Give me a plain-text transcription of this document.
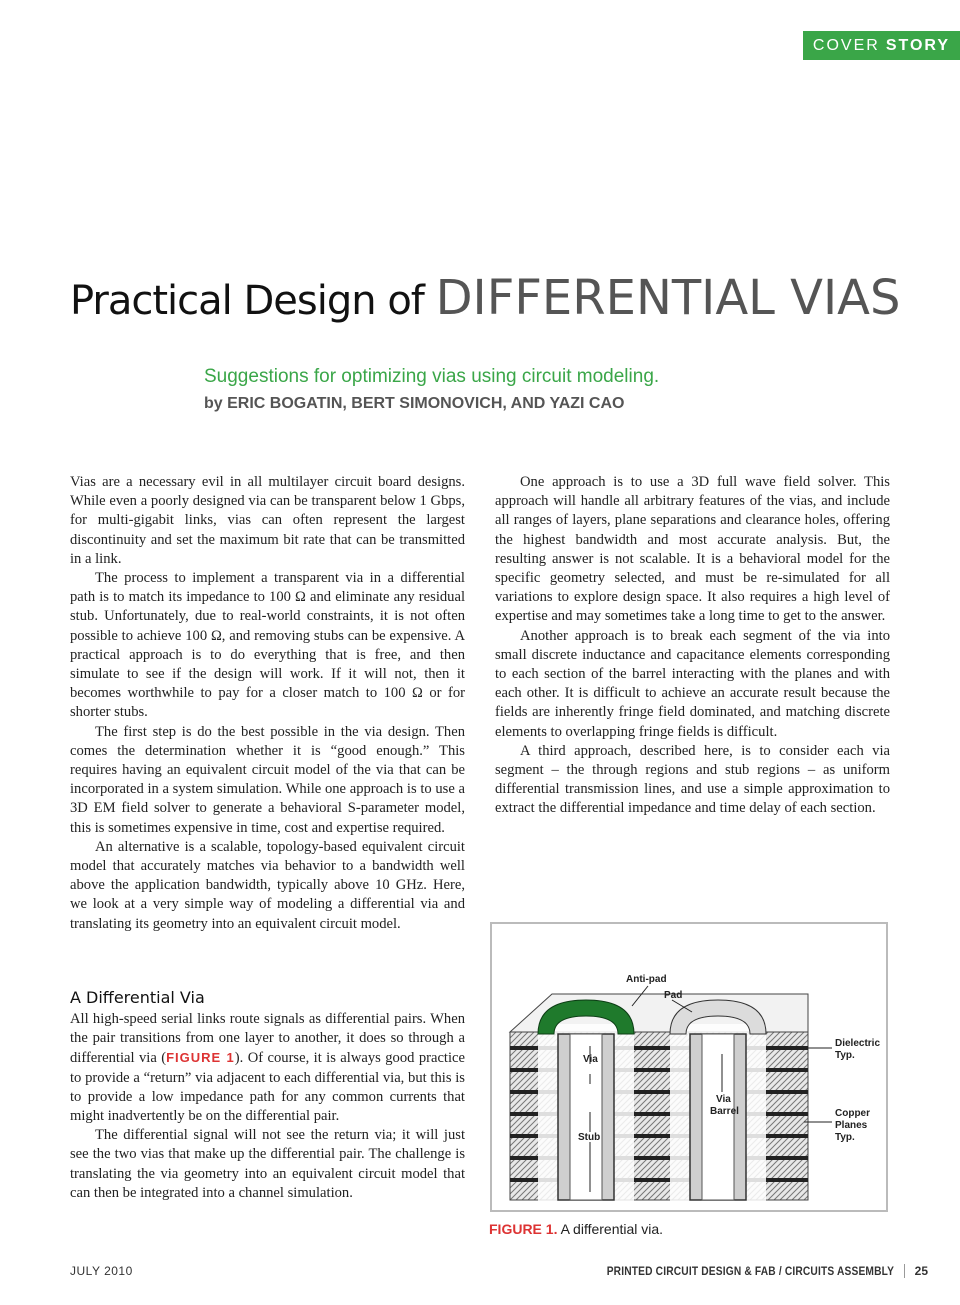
COVER STORY
Practical Design of DIFFERENTIAL VIAS
Suggestions for optimizing vias using circuit modeling.
by ERIC BOGATIN, BERT SIMONOVICH, AND YAZI CAO

Vias are a necessary evil in all multilayer circuit board designs. While even a poorly designed via can be transparent below 1 Gbps, for multi-gigabit links, vias can often represent the largest discontinuity and set the maximum bit rate that can be transmitted in a link.

The process to implement a transparent via in a differential path is to match its impedance to 100 Ω and eliminate any residual stub. Unfortunately, due to real-world constraints, it is not often possible to achieve 100 Ω, and removing stubs can be expensive. A practical approach is to do everything that is free, and then simulate to see if the design will work. If it will not, then it becomes worthwhile to pay for a closer match to 100 Ω or for shorter stubs.

The first step is do the best possible in the via design. Then comes the determination whether it is “good enough.” This requires having an equivalent circuit model of the via that can be incorporated in a system simulation. While one approach is to use a 3D EM field solver to generate a behavioral S-parameter model, this is sometimes expensive in time, cost and expertise required.

An alternative is a scalable, topology-based equivalent circuit model that accurately matches via behavior to a bandwidth well above the application bandwidth, typically above 10 GHz. Here, we look at a very simple way of modeling a differential via and translating its geometry into an equivalent circuit model.

A Differential Via

All high-speed serial links route signals as differential pairs. When the pair transitions from one layer to another, it does so through a differential via (FIGURE 1). Of course, it is always good practice to provide a “return” via adjacent to each differential via, but this is to provide a low impedance path for any common currents that might inadvertently be on the differential pair.

The differential signal will not see the return via; it will just see the two vias that make up the differential pair. The challenge is translating the via geometry into an equivalent circuit model that can then be integrated into a channel simulation.

One approach is to use a 3D full wave field solver. This approach will handle all arbitrary features of the vias, and include all ranges of layers, plane separations and clearance holes, offering the highest bandwidth and most accurate analysis. But, the resulting answer is not scalable. It is a behavioral model for the specific geometry selected, and must be re-simulated for all variations to explore design space. It also requires a high level of expertise and may sometimes take a long time to get to the answer.

Another approach is to break each segment of the via into small discrete inductance and capacitance elements corresponding to each section of the barrel interacting with the planes and with each other. It is difficult to achieve an accurate result because the fields are inherently fringe field dominated, and matching discrete elements to overlapping fringe fields is difficult.

A third approach, described here, is to consider each via segment – the through regions and stub regions – as uniform differential transmission lines, and use a simple approximation to extract the differential impedance and time delay of each section.

Anti-pad
Pad
Via
Stub
Via
Barrel
Dielectric
Typ.
Copper
Planes
Typ.
FIGURE 1. A differential via.
JULY 2010	PRINTED CIRCUIT DESIGN & FAB / CIRCUITS ASSEMBLY 25
